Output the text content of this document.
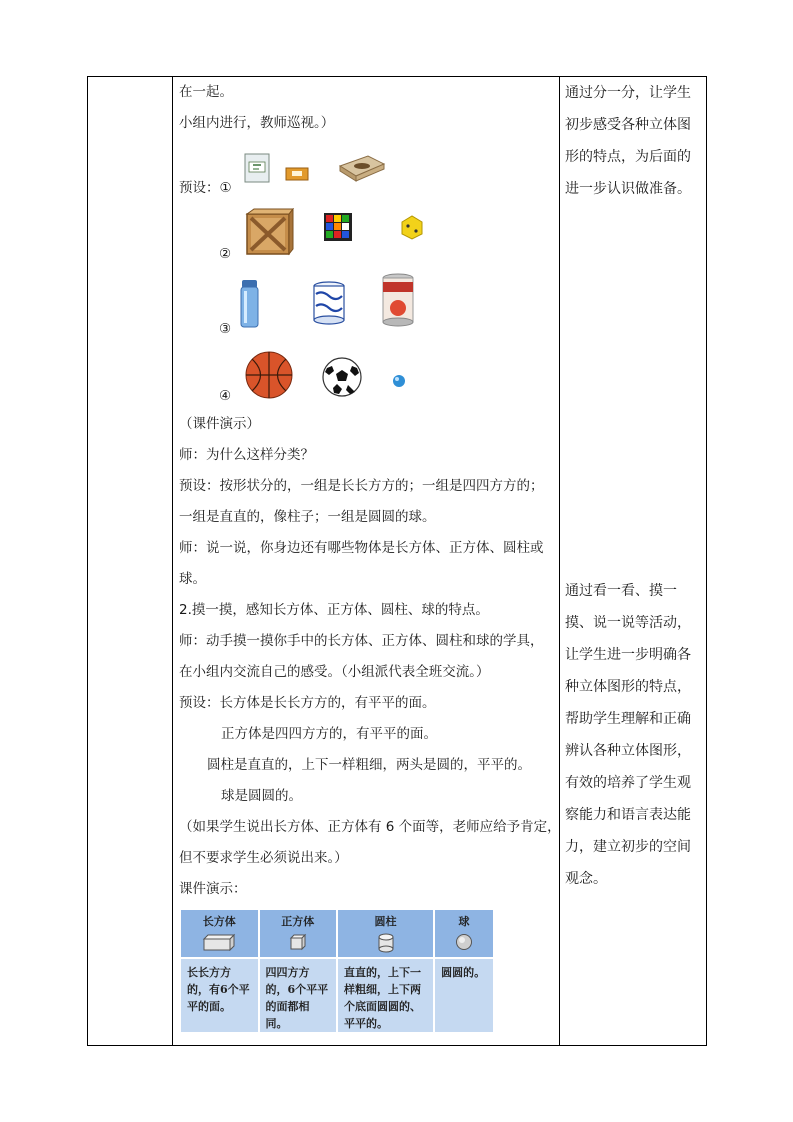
在一起。

小组内进行，教师巡视。）

预设：①

②

③

④

（课件演示）

师：为什么这样分类？

预设：按形状分的，一组是长长方方的；一组是四四方方的；

一组是直直的，像柱子；一组是圆圆的球。

师：说一说，你身边还有哪些物体是长方体、正方体、圆柱或

球。

2.摸一摸，感知长方体、正方体、圆柱、球的特点。

师：动手摸一摸你手中的长方体、正方体、圆柱和球的学具，

在小组内交流自己的感受。（小组派代表全班交流。）

预设：长方体是长长方方的，有平平的面。

正方体是四四方方的，有平平的面。

圆柱是直直的，上下一样粗细，两头是圆的，平平的。

球是圆圆的。

（如果学生说出长方体、正方体有 6 个面等，老师应给予肯定，

但不要求学生必须说出来。）

课件演示：

通过分一分，让学生初步感受各种立体图形的特点，为后面的进一步认识做准备。

通过看一看、摸一摸、说一说等活动，让学生进一步明确各种立体图形的特点，帮助学生理解和正确辨认各种立体图形，有效的培养了学生观察能力和语言表达能力，建立初步的空间观念。

长方体	正方体	圆柱	球

长长方方的，有6个平平的面。	四四方方的，6个平平的面都相同。	直直的，上下一样粗细，上下两个底面圆圆的、平平的。	圆圆的。
